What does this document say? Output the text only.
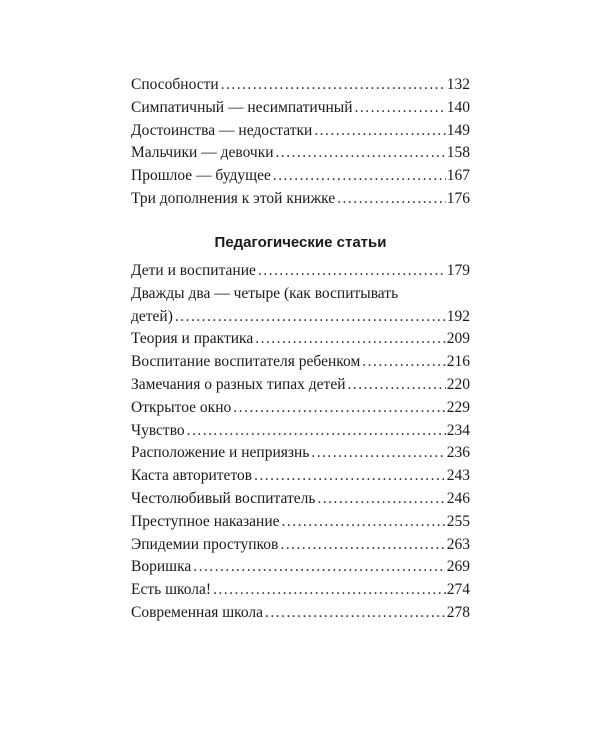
Способности . . .	132
Симпатичный — несимпатичный . . .	140
Достоинства — недостатки . . .	149
Мальчики — девочки . . .	158
Прошлое — будущее . . .	167
Три дополнения к этой книжке . . .	176
Педагогические статьи
Дети и воспитание . . .	179
Дважды два — четыре (как воспитывать
детей) . . .	192
Теория и практика . . .	209
Воспитание воспитателя ребенком . . .	216
Замечания о разных типах детей . . .	220
Открытое окно . . .	229
Чувство . . .	234
Расположение и неприязнь . . .	236
Каста авторитетов . . .	243
Честолюбивый воспитатель . . .	246
Преступное наказание . . .	255
Эпидемии проступков . . .	263
Воришка . . .	269
Есть школа! . . .	274
Современная школа . . .	278
